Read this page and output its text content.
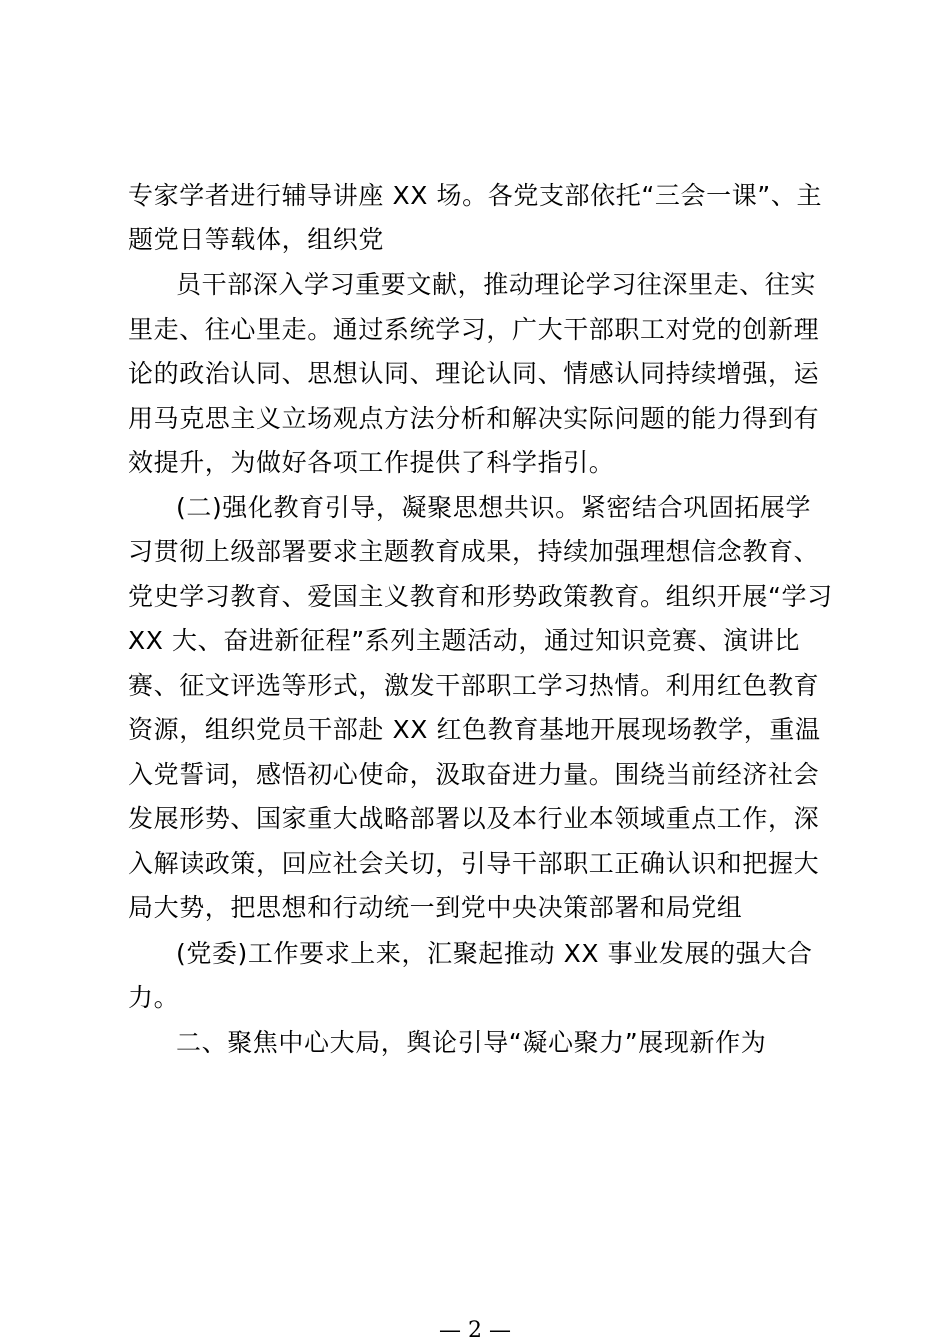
专家学者进行辅导讲座 XX 场。各党支部依托“三会一课”、主
题党日等载体，组织党
员干部深入学习重要文献，推动理论学习往深里走、往实
里走、往心里走。通过系统学习，广大干部职工对党的创新理
论的政治认同、思想认同、理论认同、情感认同持续增强，运
用马克思主义立场观点方法分析和解决实际问题的能力得到有
效提升，为做好各项工作提供了科学指引。
(二)强化教育引导，凝聚思想共识。紧密结合巩固拓展学
习贯彻上级部署要求主题教育成果，持续加强理想信念教育、
党史学习教育、爱国主义教育和形势政策教育。组织开展“学习
XX 大、奋进新征程”系列主题活动，通过知识竞赛、演讲比
赛、征文评选等形式，激发干部职工学习热情。利用红色教育
资源，组织党员干部赴 XX 红色教育基地开展现场教学，重温
入党誓词，感悟初心使命，汲取奋进力量。围绕当前经济社会
发展形势、国家重大战略部署以及本行业本领域重点工作，深
入解读政策，回应社会关切，引导干部职工正确认识和把握大
局大势，把思想和行动统一到党中央决策部署和局党组
(党委)工作要求上来，汇聚起推动 XX 事业发展的强大合
力。
二、聚焦中心大局，舆论引导“凝心聚力”展现新作为
— 2 —
